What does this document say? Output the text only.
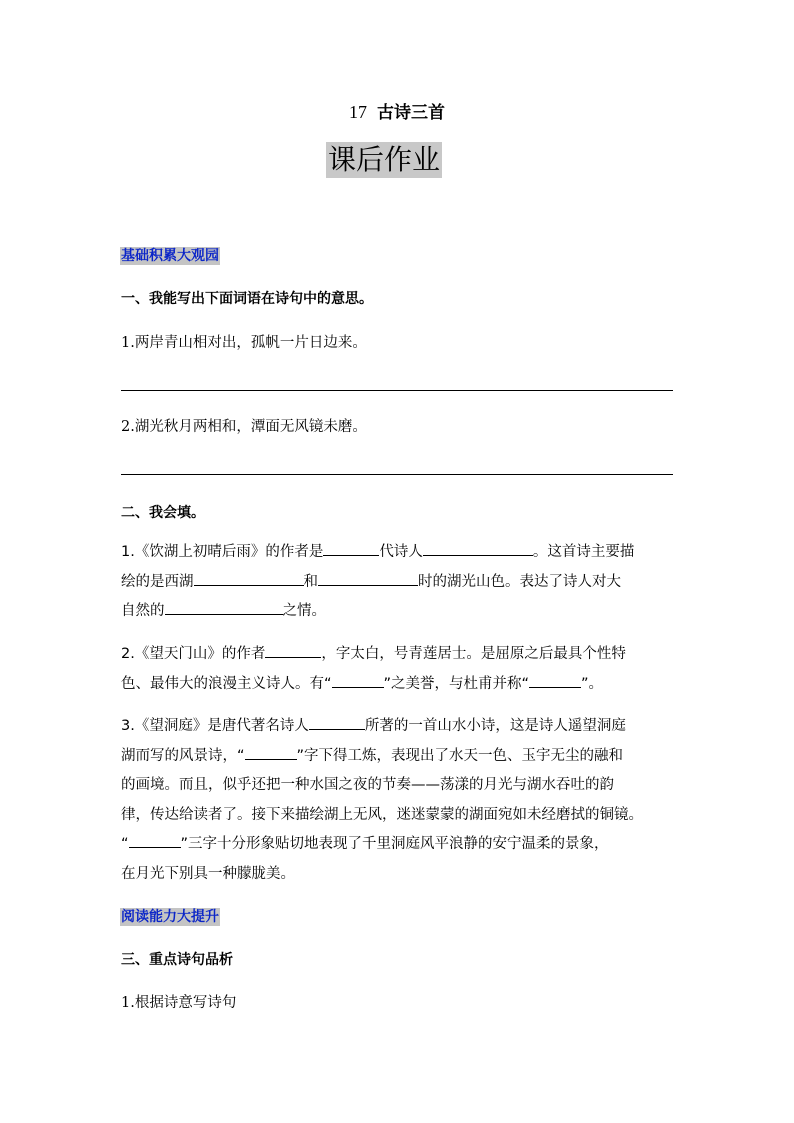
17 古诗三首
课后作业
基础积累大观园
一、我能写出下面词语在诗句中的意思。
1.两岸青山相对出，孤帆一片日边来。
2.湖光秋月两相和，潭面无风镜未磨。
二、我会填。
1.《饮湖上初晴后雨》的作者是	代诗人	。这首诗主要描
绘的是西湖	和	时的湖光山色。表达了诗人对大
自然的	之情。
2.《望天门山》的作者	，字太白，号青莲居士。是屈原之后最具个性特
色、最伟大的浪漫主义诗人。有“	”之美誉，与杜甫并称“	”。
3.《望洞庭》是唐代著名诗人	所著的一首山水小诗，这是诗人遥望洞庭
湖而写的风景诗，“	”字下得工炼，表现出了水天一色、玉宇无尘的融和
的画境。而且，似乎还把一种水国之夜的节奏——荡漾的月光与湖水吞吐的韵
律，传达给读者了。接下来描绘湖上无风，迷迷蒙蒙的湖面宛如未经磨拭的铜镜。
“	”三字十分形象贴切地表现了千里洞庭风平浪静的安宁温柔的景象，
在月光下别具一种朦胧美。
阅读能力大提升
三、重点诗句品析
1.根据诗意写诗句
